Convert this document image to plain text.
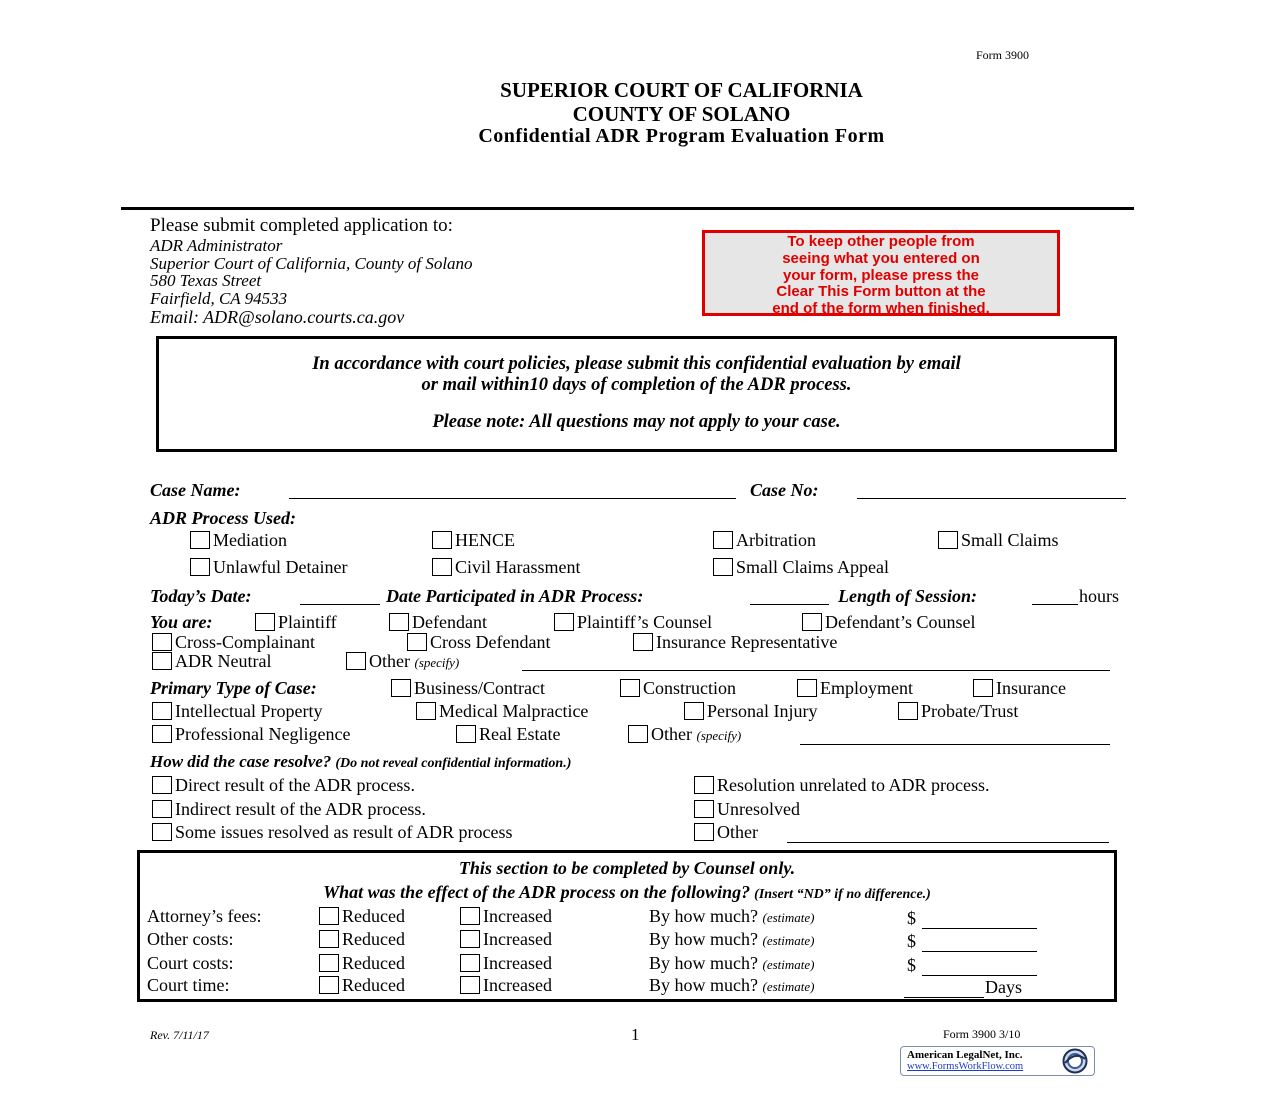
Form 3900
SUPERIOR COURT OF CALIFORNIA
COUNTY OF SOLANO
Confidential ADR Program Evaluation Form
Please submit completed application to:
ADR Administrator
Superior Court of California, County of Solano
580 Texas Street
Fairfield, CA 94533
Email: ADR@solano.courts.ca.gov
To keep other people from
seeing what you entered on
your form, please press the
Clear This Form button at the
end of the form when finished.
In accordance with court policies, please submit this confidential evaluation by email
or mail within10 days of completion of the ADR process.
Please note: All questions may not apply to your case.
Case Name:	Case No:
ADR Process Used:
Mediation	HENCE	Arbitration	Small Claims
Unlawful Detainer	Civil Harassment	Small Claims Appeal
Today’s Date:	Date Participated in ADR Process:	Length of Session:	hours
You are:	Plaintiff	Defendant	Plaintiff’s Counsel	Defendant’s Counsel
Cross-Complainant	Cross Defendant	Insurance Representative
ADR Neutral	Other (specify)
Primary Type of Case:	Business/Contract	Construction	Employment	Insurance
Intellectual Property	Medical Malpractice	Personal Injury	Probate/Trust
Professional Negligence	Real Estate	Other (specify)
How did the case resolve? (Do not reveal confidential information.)
Direct result of the ADR process.
Indirect result of the ADR process.
Some issues resolved as result of ADR process
Resolution unrelated to ADR process.
Unresolved
Other
This section to be completed by Counsel only.
What was the effect of the ADR process on the following? (Insert “ND” if no difference.)
Attorney’s fees:	Reduced	Increased	By how much? (estimate)	$
Other costs:	Reduced	Increased	By how much? (estimate)	$
Court costs:	Reduced	Increased	By how much? (estimate)	$
Court time:	Reduced	Increased	By how much? (estimate)	Days
Rev. 7/11/17	1	Form 3900 3/10
American LegalNet, Inc.
www.FormsWorkFlow.com
